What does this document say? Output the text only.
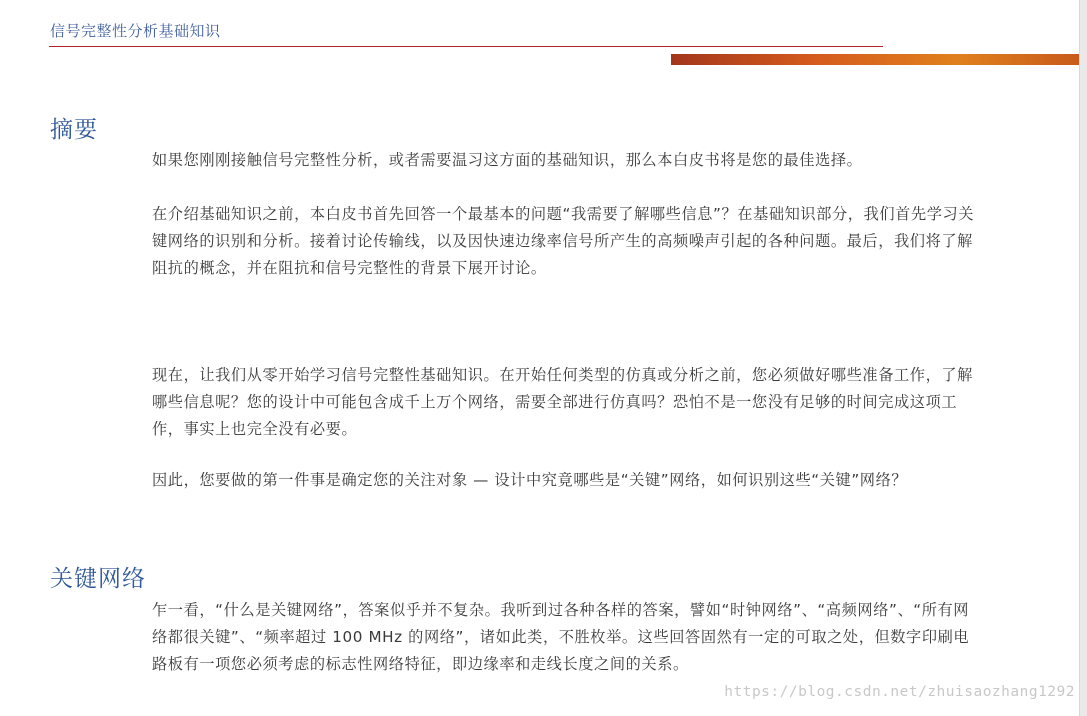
信号完整性分析基础知识
摘要

如果您刚刚接触信号完整性分析，或者需要温习这方面的基础知识，那么本白皮书将是您的最佳选择。

在介绍基础知识之前，本白皮书首先回答一个最基本的问题“我需要了解哪些信息”？在基础知识部分，我们首先学习关键网络的识别和分析。接着讨论传输线，以及因快速边缘率信号所产生的高频噪声引起的各种问题。最后，我们将了解阻抗的概念，并在阻抗和信号完整性的背景下展开讨论。

现在，让我们从零开始学习信号完整性基础知识。在开始任何类型的仿真或分析之前，您必须做好哪些准备工作，了解哪些信息呢？您的设计中可能包含成千上万个网络，需要全部进行仿真吗？恐怕不是一您没有足够的时间完成这项工作，事实上也完全没有必要。

因此，您要做的第一件事是确定您的关注对象 — 设计中究竟哪些是“关键”网络，如何识别这些“关键”网络？

关键网络

乍一看，“什么是关键网络”，答案似乎并不复杂。我听到过各种各样的答案，譬如“时钟网络”、“高频网络”、“所有网络都很关键”、“频率超过 100 MHz 的网络”，诸如此类，不胜枚举。这些回答固然有一定的可取之处，但数字印刷电路板有一项您必须考虑的标志性网络特征，即边缘率和走线长度之间的关系。

https://blog.csdn.net/zhuisaozhang1292
